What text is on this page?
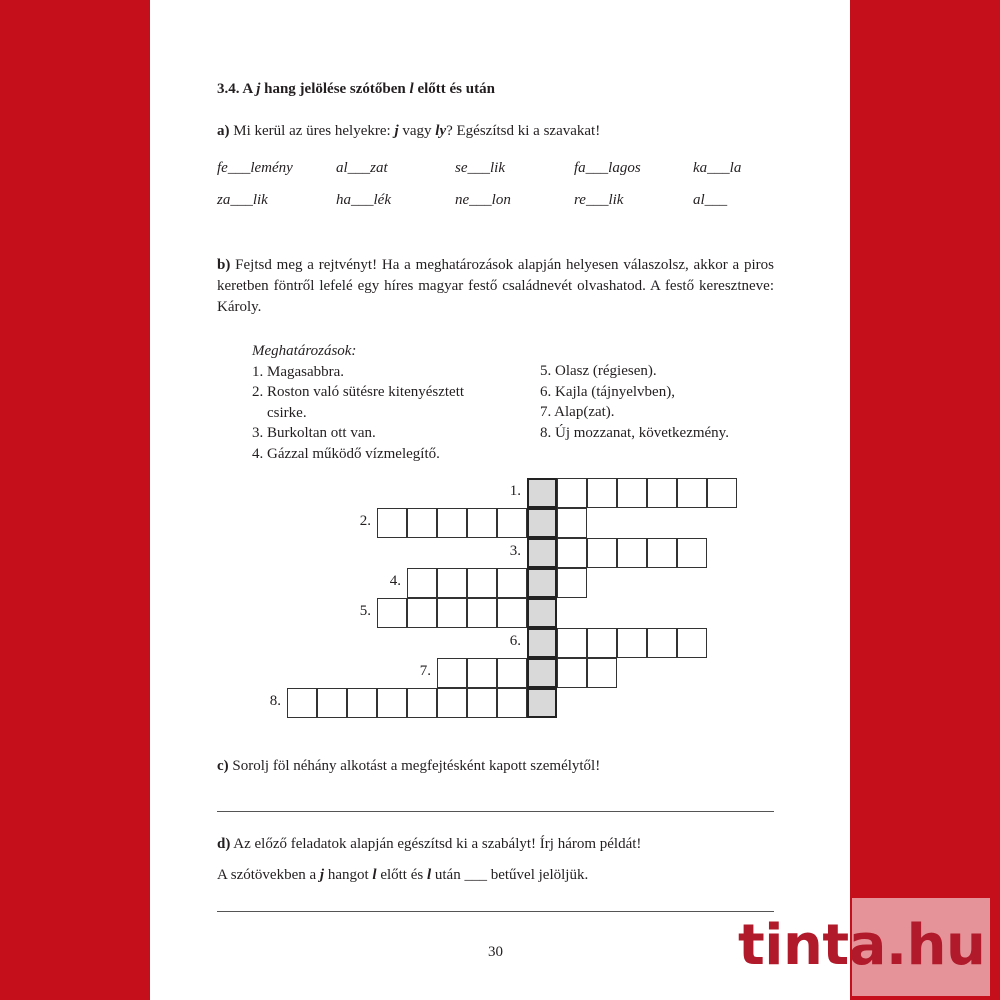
3.4. A j hang jelölése szótőben l előtt és után
a) Mi kerül az üres helyekre: j vagy ly? Egészítsd ki a szavakat!
fe___lemény	al___zat	se___lik	fa___lagos	ka___la
za___lik	ha___lék	ne___lon	re___lik	al___
b) Fejtsd meg a rejtvényt! Ha a meghatározások alapján helyesen válaszolsz, akkor a piros keretben föntről lefelé egy híres magyar festő családnevét olvashatod. A festő keresztneve: Károly.
Meghatározások:
1. Magasabbra.
2. Roston való sütésre kitenyésztett
csirke.
3. Burkoltan ott van.
4. Gázzal működő vízmelegítő.
5. Olasz (régiesen).
6. Kajla (tájnyelvben),
7. Alap(zat).
8. Új mozzanat, következmény.
1.
2.
3.
4.
5.
6.
7.
8.
c) Sorolj föl néhány alkotást a megfejtésként kapott személytől!
d) Az előző feladatok alapján egészítsd ki a szabályt! Írj három példát!
A szótövekben a j hangot l előtt és l után ___ betűvel jelöljük.
30	tinta.hu
